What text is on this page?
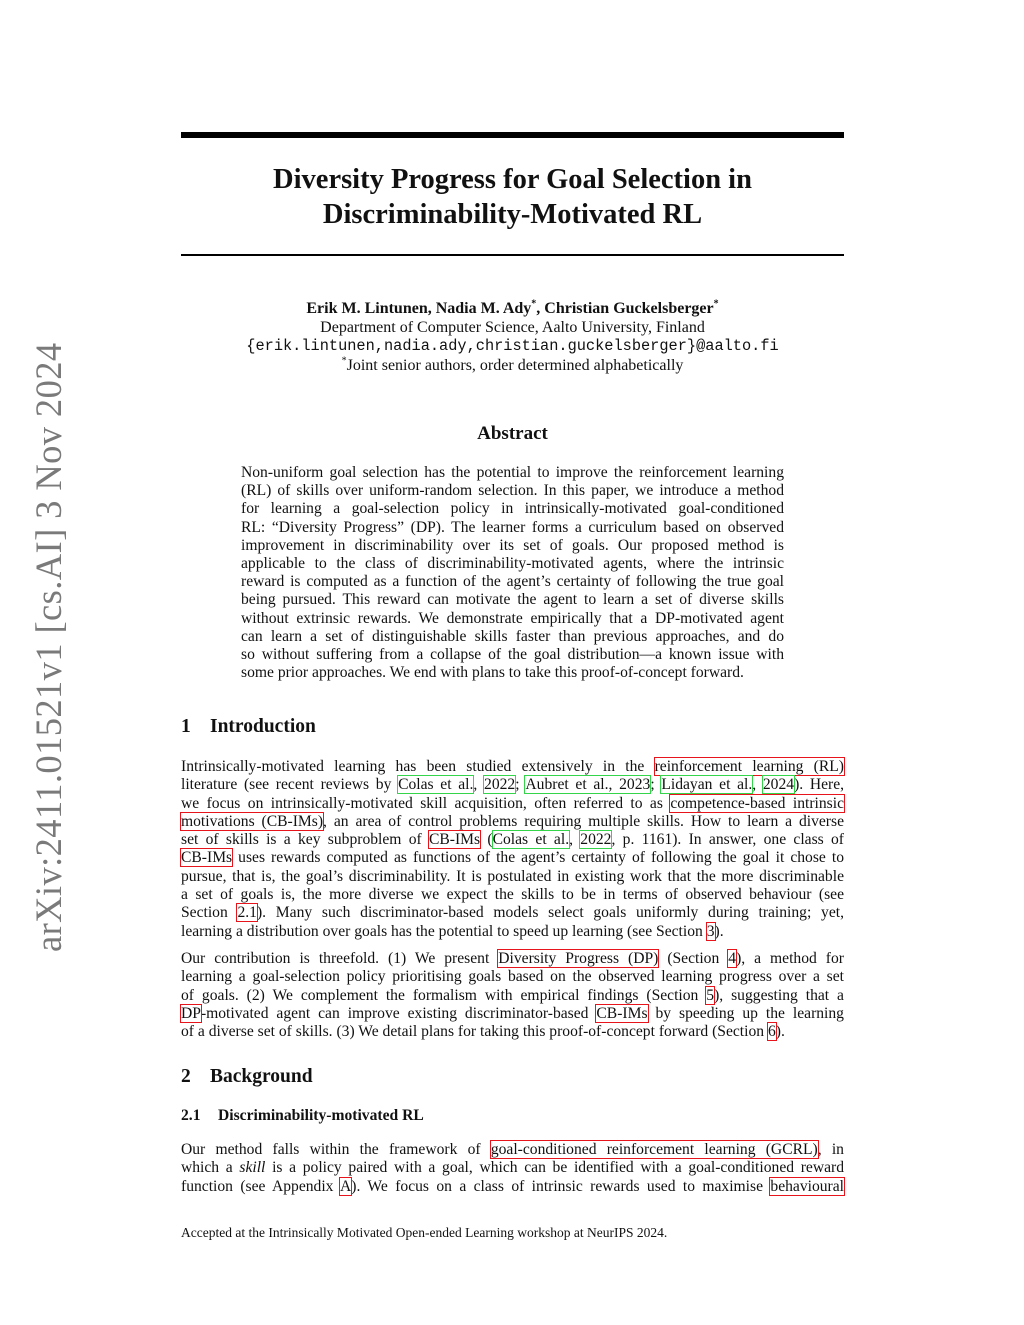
arXiv:2411.01521v1 [cs.AI] 3 Nov 2024
Diversity Progress for Goal Selection in
Discriminability-Motivated RL
Erik M. Lintunen, Nadia M. Ady*, Christian Guckelsberger*
Department of Computer Science, Aalto University, Finland
{erik.lintunen,nadia.ady,christian.guckelsberger}@aalto.fi
*Joint senior authors, order determined alphabetically
Abstract
Non-uniform goal selection has the potential to improve the reinforcement learning
(RL) of skills over uniform-random selection. In this paper, we introduce a method
for learning a goal-selection policy in intrinsically-motivated goal-conditioned
RL: “Diversity Progress” (DP). The learner forms a curriculum based on observed
improvement in discriminability over its set of goals. Our proposed method is
applicable to the class of discriminability-motivated agents, where the intrinsic
reward is computed as a function of the agent’s certainty of following the true goal
being pursued. This reward can motivate the agent to learn a set of diverse skills
without extrinsic rewards. We demonstrate empirically that a DP-motivated agent
can learn a set of distinguishable skills faster than previous approaches, and do
so without suffering from a collapse of the goal distribution—a known issue with
some prior approaches. We end with plans to take this proof-of-concept forward.
1 Introduction
Intrinsically-motivated learning has been studied extensively in the reinforcement learning (RL)
literature (see recent reviews by Colas et al., 2022; Aubret et al., 2023; Lidayan et al., 2024). Here,
we focus on intrinsically-motivated skill acquisition, often referred to as competence-based intrinsic
motivations (CB-IMs), an area of control problems requiring multiple skills. How to learn a diverse
set of skills is a key subproblem of CB-IMs (Colas et al., 2022, p. 1161). In answer, one class of
CB-IMs uses rewards computed as functions of the agent’s certainty of following the goal it chose to
pursue, that is, the goal’s discriminability. It is postulated in existing work that the more discriminable
a set of goals is, the more diverse we expect the skills to be in terms of observed behaviour (see
Section 2.1). Many such discriminator-based models select goals uniformly during training; yet,
learning a distribution over goals has the potential to speed up learning (see Section 3).
Our contribution is threefold. (1) We present Diversity Progress (DP) (Section 4), a method for
learning a goal-selection policy prioritising goals based on the observed learning progress over a set
of goals. (2) We complement the formalism with empirical findings (Section 5), suggesting that a
DP-motivated agent can improve existing discriminator-based CB-IMs by speeding up the learning
of a diverse set of skills. (3) We detail plans for taking this proof-of-concept forward (Section 6).
2 Background
2.1 Discriminability-motivated RL
Our method falls within the framework of goal-conditioned reinforcement learning (GCRL), in
which a skill is a policy paired with a goal, which can be identified with a goal-conditioned reward
function (see Appendix A). We focus on a class of intrinsic rewards used to maximise behavioural
Accepted at the Intrinsically Motivated Open-ended Learning workshop at NeurIPS 2024.
